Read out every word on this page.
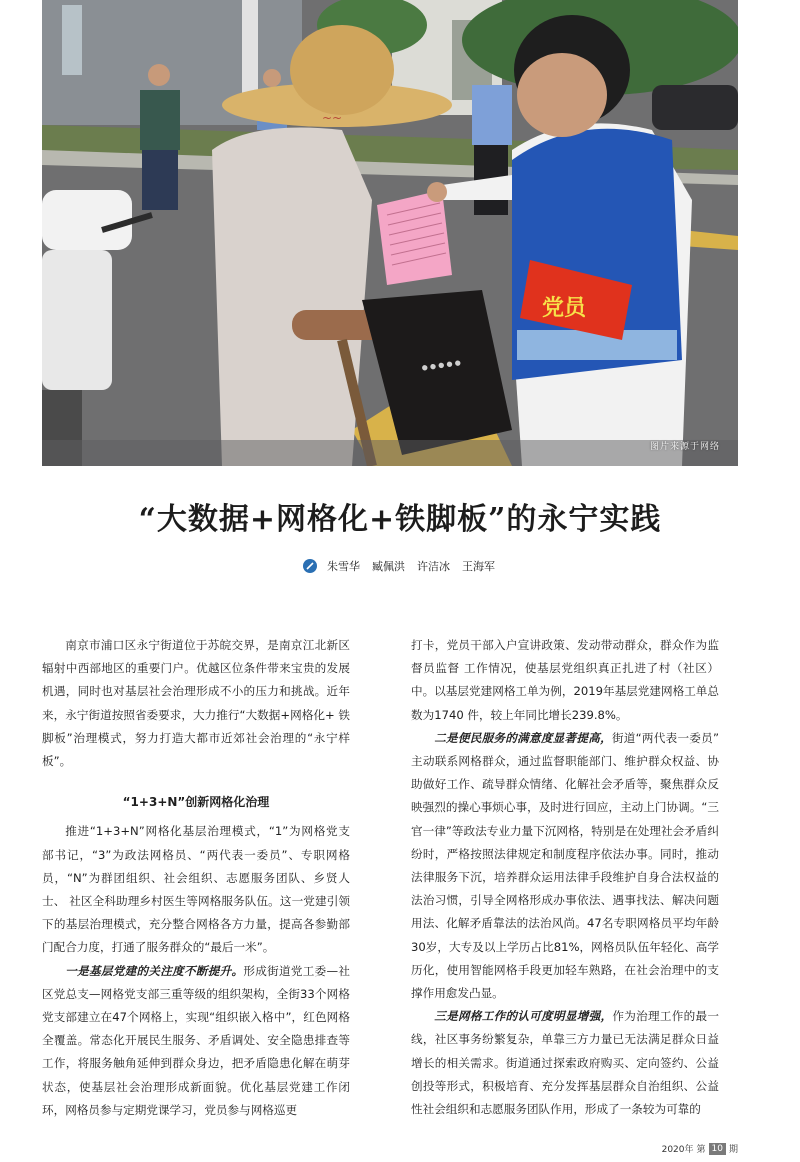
~~
● ● ● ● ●
党员
图片来源于网络
“大数据+网格化+铁脚板”的永宁实践
朱雪华 臧佩洪 许洁冰 王海军

南京市浦口区永宁街道位于苏皖交界，是南京江北新区 辐射中西部地区的重要门户。优越区位条件带来宝贵的发展 机遇，同时也对基层社会治理形成不小的压力和挑战。近年来，永宁街道按照省委要求，大力推行“大数据+网格化+ 铁脚板”治理模式，努力打造大都市近郊社会治理的“永宁样板”。

“1+3+N”创新网格化治理

推进“1+3+N”网格化基层治理模式，“1”为网格党支 部书记，“3”为政法网格员、“两代表一委员”、专职网格员，“N”为群团组织、社会组织、志愿服务团队、乡贤人士、 社区全科助理乡村医生等网格服务队伍。这一党建引领下的基层治理模式，充分整合网格各方力量，提高各参勤部门配合力度，打通了服务群众的“最后一米”。

一是基层党建的关注度不断提升。形成街道党工委—社区党总支—网格党支部三重等级的组织架构，全街33个网格 党支部建立在47个网格上，实现“组织嵌入格中”，红色网格全覆盖。常态化开展民生服务、矛盾调处、安全隐患排查等工作，将服务触角延伸到群众身边，把矛盾隐患化解在萌芽状态，使基层社会治理形成新面貌。优化基层党建工作闭环，网格员参与定期党课学习，党员参与网格巡更

打卡，党员干部入户宣讲政策、发动带动群众，群众作为监督员监督 工作情况，使基层党组织真正扎进了村（社区）中。以基层党建网格工单为例，2019年基层党建网格工单总数为1740 件，较上年同比增长239.8%。

二是便民服务的满意度显著提高，街道“两代表一委员” 主动联系网格群众，通过监督职能部门、维护群众权益、协助做好工作、疏导群众情绪、化解社会矛盾等，聚焦群众反映强烈的操心事烦心事，及时进行回应，主动上门协调。“三官一律”等政法专业力量下沉网格，特别是在处理社会矛盾纠纷时，严格按照法律规定和制度程序依法办事。同时，推动法律服务下沉，培养群众运用法律手段维护自身合法权益的法治习惯，引导全网格形成办事依法、遇事找法、解决问题用法、化解矛盾靠法的法治风尚。47名专职网格员平均年龄30岁，大专及以上学历占比81%，网格员队伍年轻化、高学历化，使用智能网格手段更加轻车熟路，在社会治理中的支撑作用愈发凸显。

三是网格工作的认可度明显增强，作为治理工作的最一线，社区事务纷繁复杂，单靠三方力量已无法满足群众日益增长的相关需求。街道通过探索政府购买、定向签约、公益创投等形式，积极培育、充分发挥基层群众自治组织、公益性社会组织和志愿服务团队作用，形成了一条较为可靠的

2020年 第 10 期
